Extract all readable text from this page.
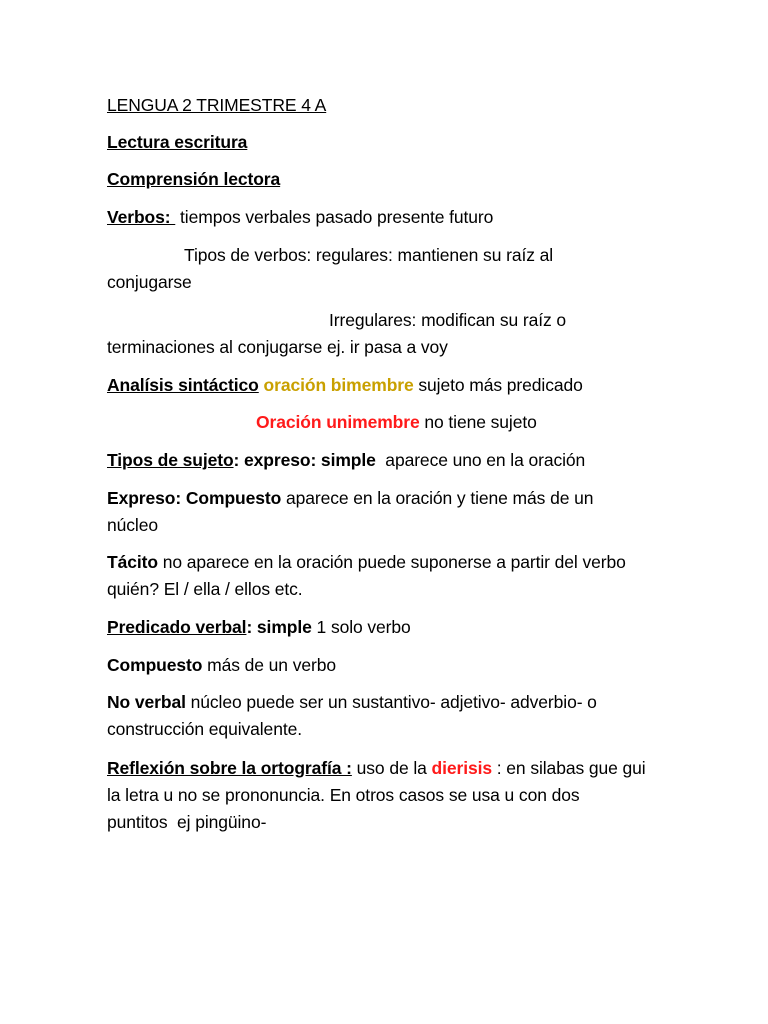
LENGUA 2 TRIMESTRE 4 A
Lectura escritura
Comprensión lectora
Verbos:  tiempos verbales pasado presente futuro
Tipos de verbos: regulares: mantienen su raíz al
conjugarse
Irregulares: modifican su raíz o
terminaciones al conjugarse ej. ir pasa a voy
Analísis sintáctico oración bimembre sujeto más predicado
Oración unimembre no tiene sujeto
Tipos de sujeto: expreso: simple  aparece uno en la oración
Expreso: Compuesto aparece en la oración y tiene más de un
núcleo
Tácito no aparece en la oración puede suponerse a partir del verbo
quién? El / ella / ellos etc.
Predicado verbal: simple 1 solo verbo
Compuesto más de un verbo
No verbal núcleo puede ser un sustantivo- adjetivo- adverbio- o
construcción equivalente.
Reflexión sobre la ortografía : uso de la dierisis : en silabas gue gui
la letra u no se prononuncia. En otros casos se usa u con dos
puntitos  ej pingüino-
